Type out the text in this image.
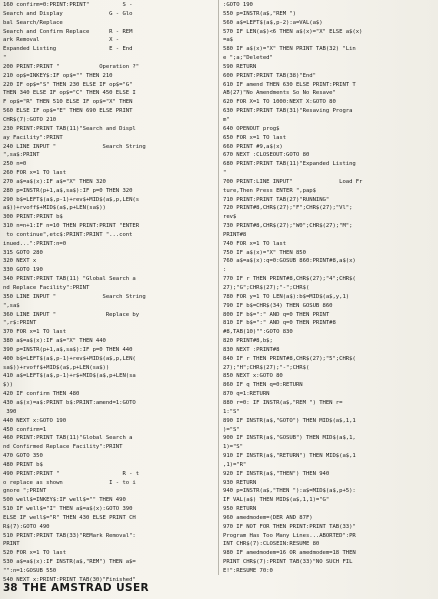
160 confirm=0:PRINT:PRINT"          S -
Search and Display              G - Glo
bal Search/Replace
Search and Confirm Replace      R - REM
ark Removal                     X -
Expanded Listing                E - End
"
200 PRINT:PRINT "            Operation ?"
210 op$=INKEY$:IF op$="" THEN 210
220 IF op$="S" THEN 230 ELSE IF op$="G"
THEN 340 ELSE IF op$="C" THEN 450 ELSE I
F op$="R" THEN 510 ELSE IF op$="X" THEN
560 ELSE IF op$="E" THEN 690 ELSE PRINT
CHR$(7):GOTO 210
230 PRINT:PRINT TAB(11)"Search and Displ
ay Facility":PRINT
240 LINE INPUT "              Search String
",sa$:PRINT
250 n=0
260 FOR x=1 TO last
270 a$=a$(x):IF a$="X" THEN 320
280 p=INSTR(p+1,a$,sa$):IF p=0 THEN 320
290 b$=LEFT$(a$,p-1)+rev$+MID$(a$,p,LEN(s
a$))+rvoff$+MID$(a$,p+LEN(sa$))
300 PRINT:PRINT b$
310 n=n+1:IF n=10 THEN PRINT:PRINT "ENTER
to continue",etc$:PRINT:PRINT "...cont
inued...":PRINT:n=0
315 GOTO 280
320 NEXT x
330 GOTO 190
340 PRINT:PRINT TAB(11) "Global Search a
nd Replace Facility":PRINT
350 LINE INPUT "              Search String
",sa$
360 LINE INPUT "               Replace by
",r$:PRINT
370 FOR x=1 TO last
380 a$=a$(x):IF a$="X" THEN 440
390 p=INSTR(p+1,a$,sa$):IF p=0 THEN 440
400 b$=LEFT$(a$,p-1)+rev$+MID$(a$,p,LEN(
sa$))+rvoff$+MID$(a$,p+LEN(sa$))
410 a$=LEFT$(a$,p-1)+r$+MID$(a$,p+LEN(sa
$))
420 IF confirm THEN 480
430 a$(x)=a$:PRINT b$:PRINT:amend=1:GOTO
390
440 NEXT x:GOTO 190
450 confirm=1
460 PRINT:PRINT TAB(11)"Global Search a
nd Confirmed Replace Facility":PRINT
470 GOTO 350
480 PRINT b$
490 PRINT:PRINT "                   R - t
o replace as shown              I - to i
gnore ";PRINT
500 well$=INKEY$:IF well$="" THEN 490
510 IF well$="I" THEN a$=a$(x):GOTO 390
ELSE IF well$="R" THEN 430 ELSE PRINT CH
R$(7):GOTO 490
510 PRINT:PRINT TAB(33)"REMark Removal":
PRINT
520 FOR x=1 TO last
530 a$=a$(x):IF INSTR(a$,"REM") THEN a$=
"":n=1:GOSUB 550
540 NEXT x:PRINT:PRINT TAB(30)"Finished"
:GOTO 190
550 p=INSTR(a$,"REM ")
560 a$=LEFT$(a$,p-2):a=VAL(a$)
570 IF LEN(a$)<6 THEN a$(x)="X" ELSE a$(x)
=a$
580 IF a$(x)="X" THEN PRINT TAB(32) "Lin
e ";a;"Deleted"
590 RETURN
600 PRINT:PRINT TAB(38)"End"
610 IF amend THEN 630 ELSE PRINT:PRINT T
AB(27)"No Amendments So No Resave"
620 FOR X=1 TO 1000:NEXT X:GOTO 80
630 PRINT:PRINT TAB(31)"Resaving Progra
m"
640 OPENOUT prog$
650 FOR x=1 TO last
660 PRINT #9,a$(x)
670 NEXT :CLOSEOUT:GOTO 80
680 PRINT:PRINT TAB(11)"Expanded Listing
"
700 PRINT:LINE INPUT"              Load Fr
ture,Then Press ENTER ",pap$
710 PRINT:PRINT TAB(27)"RUNNING"
720 PRINT#8,CHR$(27);"F";CHR$(27);"Vl";
rev$
730 PRINT#8,CHR$(27);"W0";CHR$(27);"M";
PRINT#8
740 FOR x=1 TO last
750 IF a$(x)="X" THEN 850
760 a$=a$(x):q=0:GOSUB 860:PRINT#8,a$(x)
:
770 IF r THEN PRINT#8,CHR$(27);"4";CHR$(
27);"G";CHR$(27);"-";CHR$(
780 FOR y=1 TO LEN(a$):b$=MID$(a$,y,1)
790 IF b$=CHR$(34) THEN GOSUB 860
800 IF b$=":" AND q=0 THEN PRINT
810 IF b$=":" AND q=0 THEN PRINT#8
#8,TAB(10)"":GOTO 830
820 PRINT#8,b$;
830 NEXT :PRINT#8
840 IF r THEN PRINT#8,CHR$(27);"5";CHR$(
27);"H";CHR$(27);"-";CHR$(
850 NEXT x:GOTO 80
860 IF q THEN q=0:RETURN
870 q=1:RETURN
880 r=0: IF INSTR(a$,"REM ") THEN r=
1:"S"
890 IF INSTR(a$,"GOTO") THEN MID$(a$,1,1
)="S"
900 IF INSTR(a$,"GOSUB") THEN MID$(a$,1,
1)="S"
910 IF INSTR(a$,"RETURN") THEN MID$(a$,1
,1)="R"
920 IF INSTR(a$,"THEN") THEN 940
930 RETURN
940 p=INSTR(a$,"THEN "):a$=MID$(a$,p+5):
IF VAL(a$) THEN MID$(a$,1,1)="G"
950 RETURN
960 amedmodem=(DER AND 87F)
970 IF NOT FOR THEN PRINT:PRINT TAB(33)"
Program Has Too Many Lines...ABORTED":PR
INT CHR$(7):CLOSEIN:RESUME 80
980 IF amedmodem=16 OR amedmodem=18 THEN
PRINT CHR$(7):PRINT TAB(33)"NO SUCH FIL
E!":RESUME 70:0
38 THE AMSTRAD USER
